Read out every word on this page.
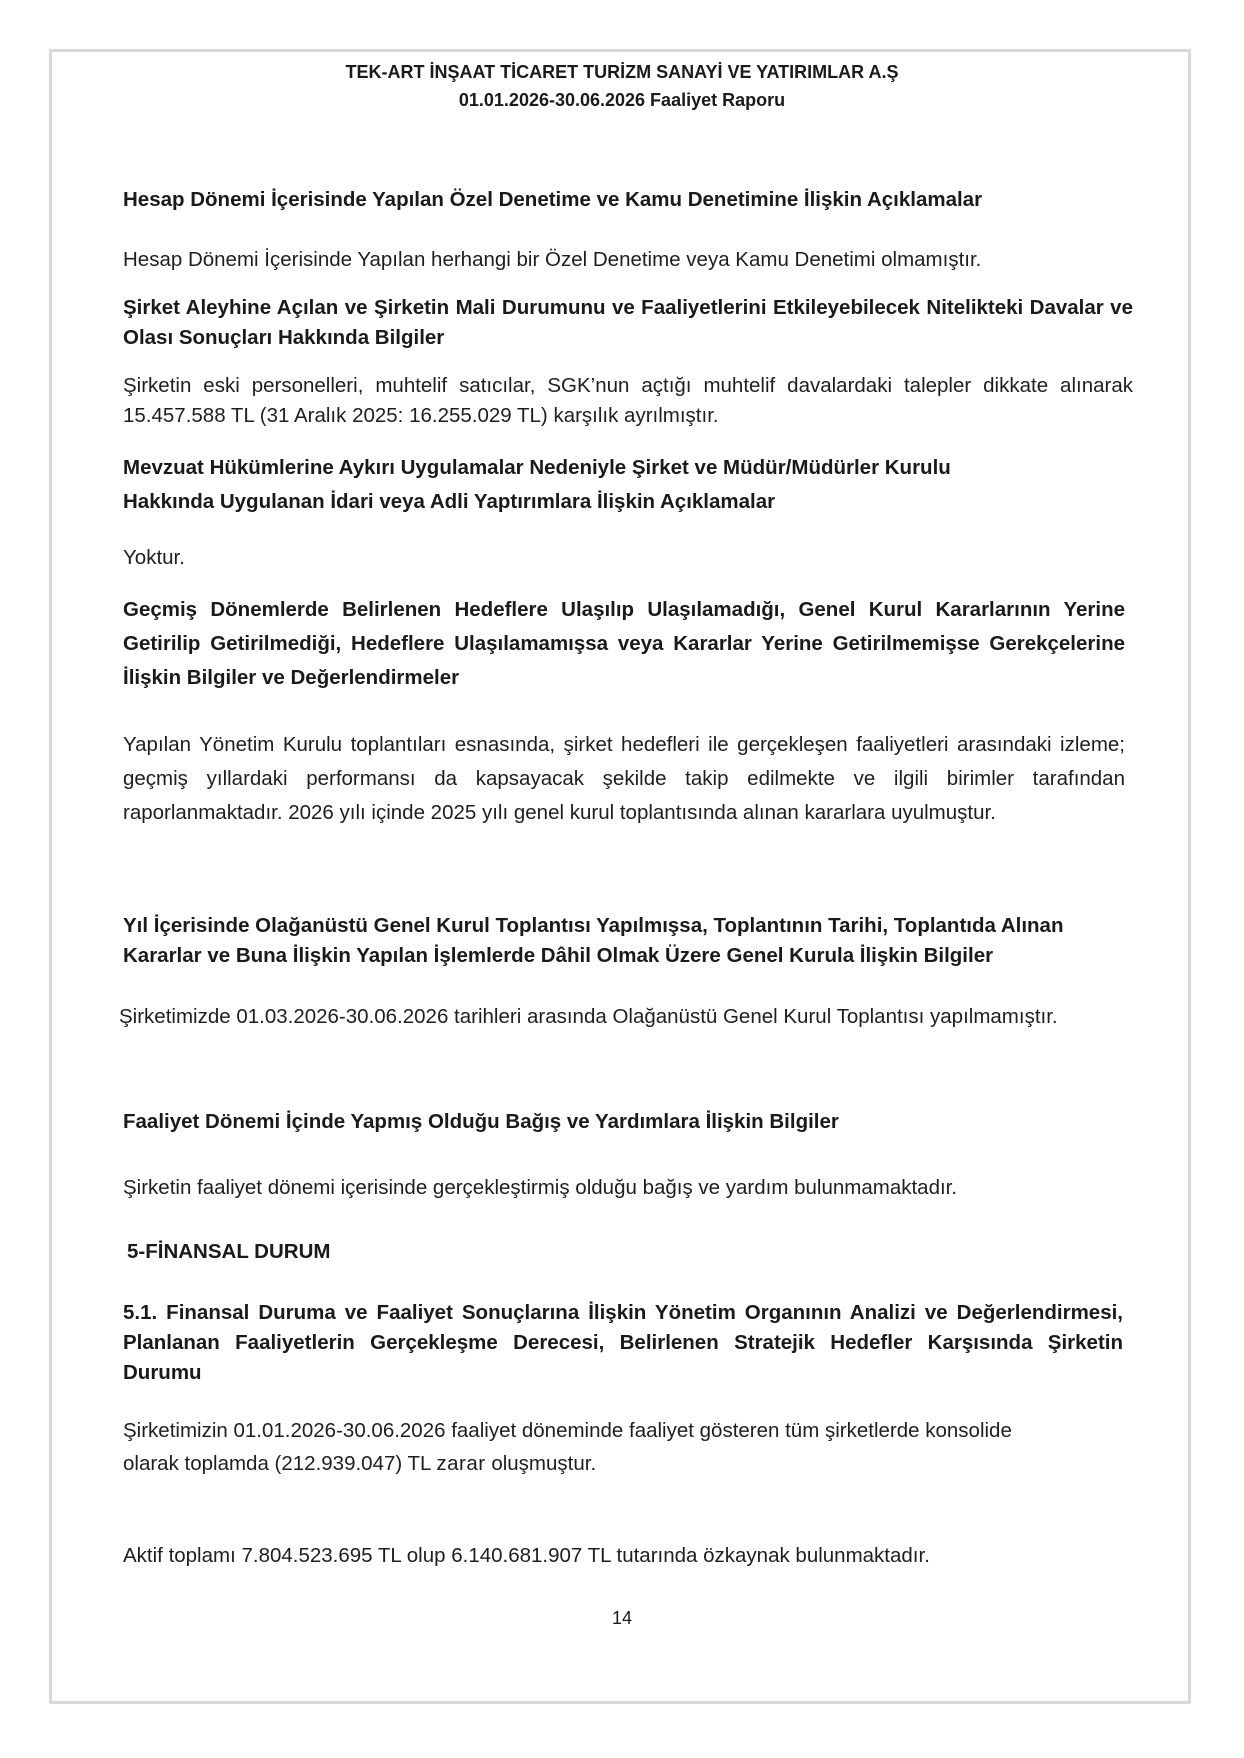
TEK-ART İNŞAAT TİCARET TURİZM SANAYİ VE YATIRIMLAR A.Ş
01.01.2026-30.06.2026 Faaliyet Raporu
Hesap Dönemi İçerisinde Yapılan Özel Denetime ve Kamu Denetimine İlişkin Açıklamalar
Hesap Dönemi İçerisinde Yapılan herhangi bir Özel Denetime veya Kamu Denetimi olmamıştır.
Şirket Aleyhine Açılan ve Şirketin Mali Durumunu ve Faaliyetlerini Etkileyebilecek Nitelikteki Davalar ve Olası Sonuçları Hakkında Bilgiler
Şirketin eski personelleri, muhtelif satıcılar, SGK’nun açtığı muhtelif davalardaki talepler dikkate alınarak 15.457.588 TL (31 Aralık 2025: 16.255.029 TL) karşılık ayrılmıştır.
Mevzuat Hükümlerine Aykırı Uygulamalar Nedeniyle Şirket ve Müdür/Müdürler Kurulu
Hakkında Uygulanan İdari veya Adli Yaptırımlara İlişkin Açıklamalar
Yoktur.
Geçmiş Dönemlerde Belirlenen Hedeflere Ulaşılıp Ulaşılamadığı, Genel Kurul Kararlarının Yerine Getirilip Getirilmediği, Hedeflere Ulaşılamamışsa veya Kararlar Yerine Getirilmemişse Gerekçelerine İlişkin Bilgiler ve Değerlendirmeler
Yapılan Yönetim Kurulu toplantıları esnasında, şirket hedefleri ile gerçekleşen faaliyetleri arasındaki izleme; geçmiş yıllardaki performansı da kapsayacak şekilde takip edilmekte ve ilgili birimler tarafından raporlanmaktadır. 2026 yılı içinde 2025 yılı genel kurul toplantısında alınan kararlara uyulmuştur.
Yıl İçerisinde Olağanüstü Genel Kurul Toplantısı Yapılmışsa, Toplantının Tarihi, Toplantıda Alınan Kararlar ve Buna İlişkin Yapılan İşlemlerde Dâhil Olmak Üzere Genel Kurula İlişkin Bilgiler
Şirketimizde 01.03.2026-30.06.2026 tarihleri arasında Olağanüstü Genel Kurul Toplantısı yapılmamıştır.
Faaliyet Dönemi İçinde Yapmış Olduğu Bağış ve Yardımlara İlişkin Bilgiler
Şirketin faaliyet dönemi içerisinde gerçekleştirmiş olduğu bağış ve yardım bulunmamaktadır.
5-FİNANSAL DURUM
5.1. Finansal Duruma ve Faaliyet Sonuçlarına İlişkin Yönetim Organının Analizi ve Değerlendirmesi, Planlanan Faaliyetlerin Gerçekleşme Derecesi, Belirlenen Stratejik Hedefler Karşısında Şirketin Durumu
Şirketimizin 01.01.2026-30.06.2026 faaliyet döneminde faaliyet gösteren tüm şirketlerde konsolide
olarak toplamda (212.939.047) TL zarar oluşmuştur.
Aktif toplamı 7.804.523.695 TL olup 6.140.681.907 TL tutarında özkaynak bulunmaktadır.
14
